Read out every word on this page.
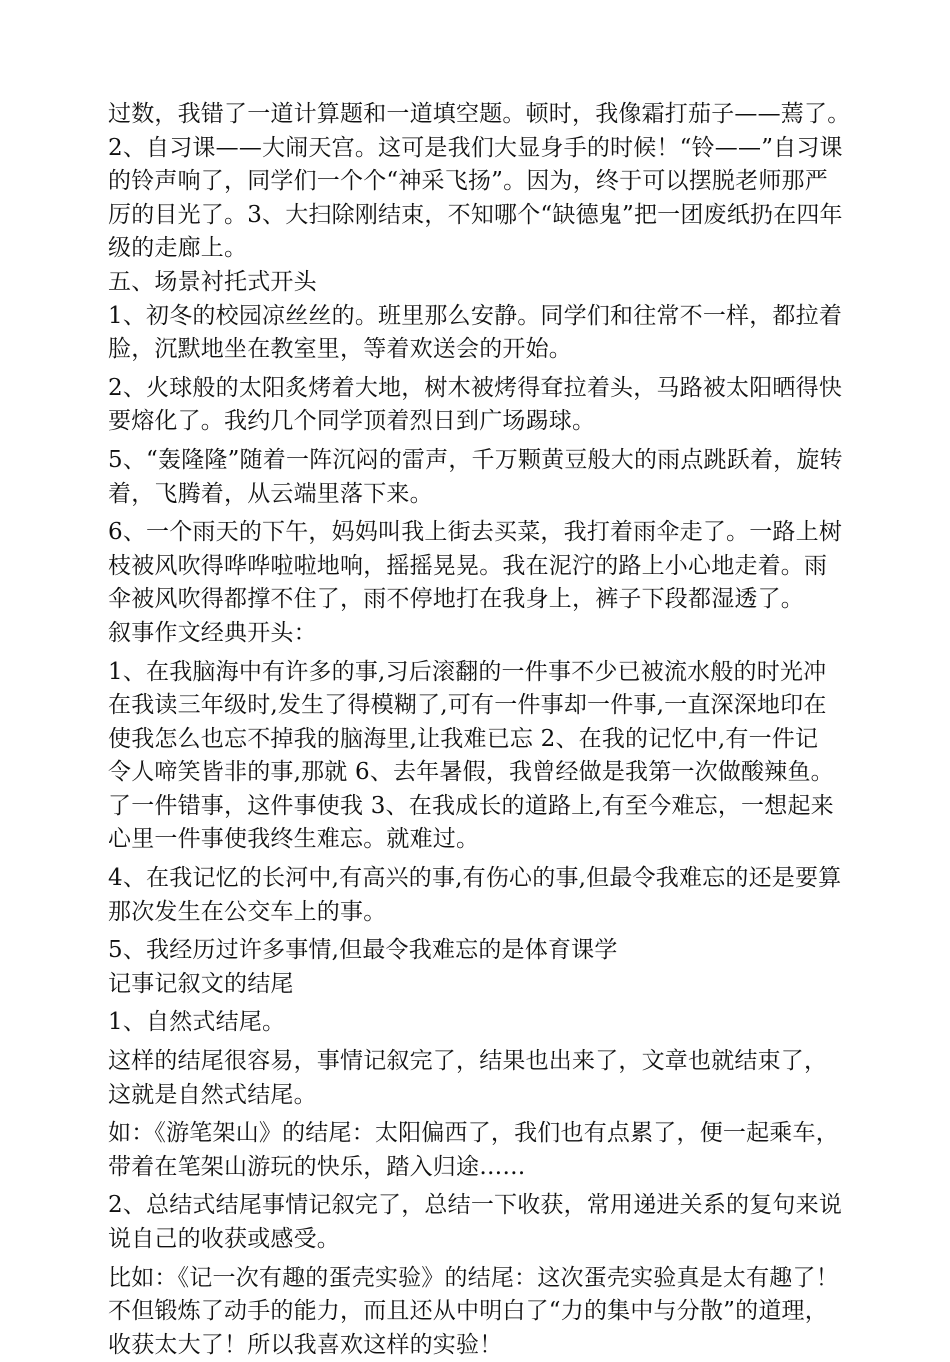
过数，我错了一道计算题和一道填空题。顿时，我像霜打茄子——蔫了。
2、自习课——大闹天宫。这可是我们大显身手的时候！“铃——”自习课
的铃声响了，同学们一个个“神采飞扬”。因为，终于可以摆脱老师那严
厉的目光了。3、大扫除刚结束，不知哪个“缺德鬼”把一团废纸扔在四年
级的走廊上。
五、场景衬托式开头
1、初冬的校园凉丝丝的。班里那么安静。同学们和往常不一样，都拉着
脸，沉默地坐在教室里，等着欢送会的开始。
2、火球般的太阳炙烤着大地，树木被烤得耷拉着头，马路被太阳晒得快
要熔化了。我约几个同学顶着烈日到广场踢球。
5、“轰隆隆”随着一阵沉闷的雷声，千万颗黄豆般大的雨点跳跃着，旋转
着，飞腾着，从云端里落下来。
6、一个雨天的下午，妈妈叫我上街去买菜，我打着雨伞走了。一路上树
枝被风吹得哗哗啦啦地响，摇摇晃晃。我在泥泞的路上小心地走着。雨
伞被风吹得都撑不住了，雨不停地打在我身上，裤子下段都湿透了。
叙事作文经典开头：
1、在我脑海中有许多的事,习后滚翻的一件事不少已被流水般的时光冲
在我读三年级时,发生了得模糊了,可有一件事却一件事,一直深深地印在
使我怎么也忘不掉我的脑海里,让我难已忘 2、在我的记忆中,有一件记
令人啼笑皆非的事,那就 6、去年暑假，我曾经做是我第一次做酸辣鱼。
了一件错事，这件事使我 3、在我成长的道路上,有至今难忘，一想起来
心里一件事使我终生难忘。就难过。
4、在我记忆的长河中,有高兴的事,有伤心的事,但最令我难忘的还是要算
那次发生在公交车上的事。
5、我经历过许多事情,但最令我难忘的是体育课学
记事记叙文的结尾
1、自然式结尾。
这样的结尾很容易，事情记叙完了，结果也出来了，文章也就结束了，
这就是自然式结尾。
如：《游笔架山》的结尾：太阳偏西了，我们也有点累了，便一起乘车，
带着在笔架山游玩的快乐，踏入归途……
2、总结式结尾事情记叙完了，总结一下收获，常用递进关系的复句来说
说自己的收获或感受。
比如：《记一次有趣的蛋壳实验》的结尾：这次蛋壳实验真是太有趣了！
不但锻炼了动手的能力，而且还从中明白了“力的集中与分散”的道理，
收获太大了！所以我喜欢这样的实验！
